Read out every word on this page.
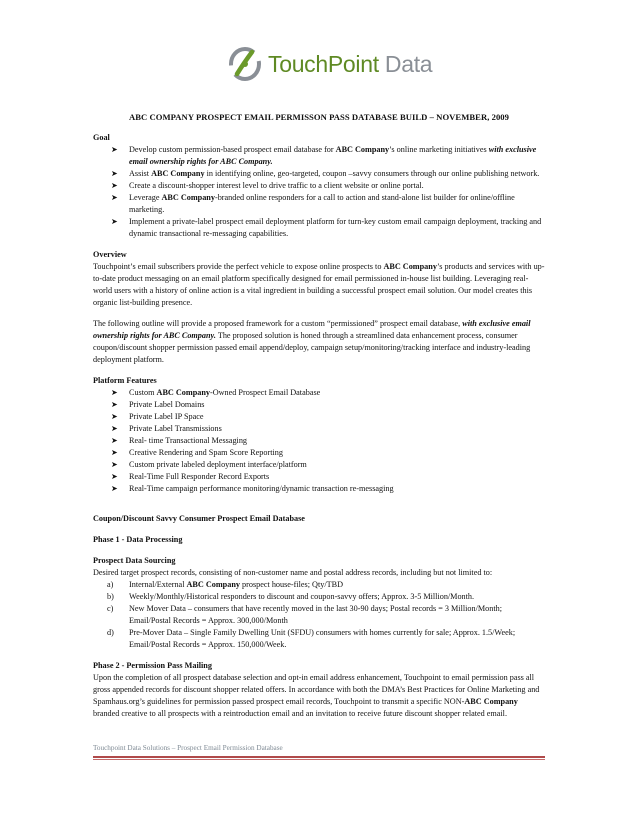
TouchPoint Data
ABC COMPANY PROSPECT EMAIL PERMISSON PASS DATABASE BUILD – NOVEMBER, 2009

Goal

➤ Develop custom permission-based prospect email database for ABC Company’s online marketing initiatives with exclusive email ownership rights for ABC Company.
➤ Assist ABC Company in identifying online, geo-targeted, coupon –savvy consumers through our online publishing network.
➤ Create a discount-shopper interest level to drive traffic to a client website or online portal.
➤ Leverage ABC Company-branded online responders for a call to action and stand-alone list builder for online/offline marketing.
➤ Implement a private-label prospect email deployment platform for turn-key custom email campaign deployment, tracking and dynamic transactional re-messaging capabilities.

Overview

Touchpoint’s email subscribers provide the perfect vehicle to expose online prospects to ABC Company’s products and services with up-to-date product messaging on an email platform specifically designed for email permissioned in-house list building. Leveraging real-world users with a history of online action is a vital ingredient in building a successful prospect email solution. Our model creates this organic list-building presence.

The following outline will provide a proposed framework for a custom “permissioned” prospect email database, with exclusive email ownership rights for ABC Company. The proposed solution is honed through a streamlined data enhancement process, consumer coupon/discount shopper permission passed email append/deploy, campaign setup/monitoring/tracking interface and industry-leading deployment platform.

Platform Features

➤ Custom ABC Company-Owned Prospect Email Database
➤ Private Label Domains
➤ Private Label IP Space
➤ Private Label Transmissions
➤ Real- time Transactional Messaging
➤ Creative Rendering and Spam Score Reporting
➤ Custom private labeled deployment interface/platform
➤ Real-Time Full Responder Record Exports
➤ Real-Time campaign performance monitoring/dynamic transaction re-messaging

Coupon/Discount Savvy Consumer Prospect Email Database

Phase 1 - Data Processing

Prospect Data Sourcing

Desired target prospect records, consisting of non-customer name and postal address records, including but not limited to:

a) Internal/External ABC Company prospect house-files; Qty/TBD
b) Weekly/Monthly/Historical responders to discount and coupon-savvy offers; Approx. 3-5 Million/Month.
c) New Mover Data – consumers that have recently moved in the last 30-90 days; Postal records = 3 Million/Month; Email/Postal Records = Approx. 300,000/Month
d) Pre-Mover Data – Single Family Dwelling Unit (SFDU) consumers with homes currently for sale; Approx. 1.5/Week; Email/Postal Records = Approx. 150,000/Week.

Phase 2 - Permission Pass Mailing

Upon the completion of all prospect database selection and opt-in email address enhancement, Touchpoint to email permission pass all gross appended records for discount shopper related offers. In accordance with both the DMA’s Best Practices for Online Marketing and Spamhaus.org’s guidelines for permission passed prospect email records, Touchpoint to transmit a specific NON-ABC Company branded creative to all prospects with a reintroduction email and an invitation to receive future discount shopper related email.

Touchpoint Data Solutions – Prospect Email Permission Database
